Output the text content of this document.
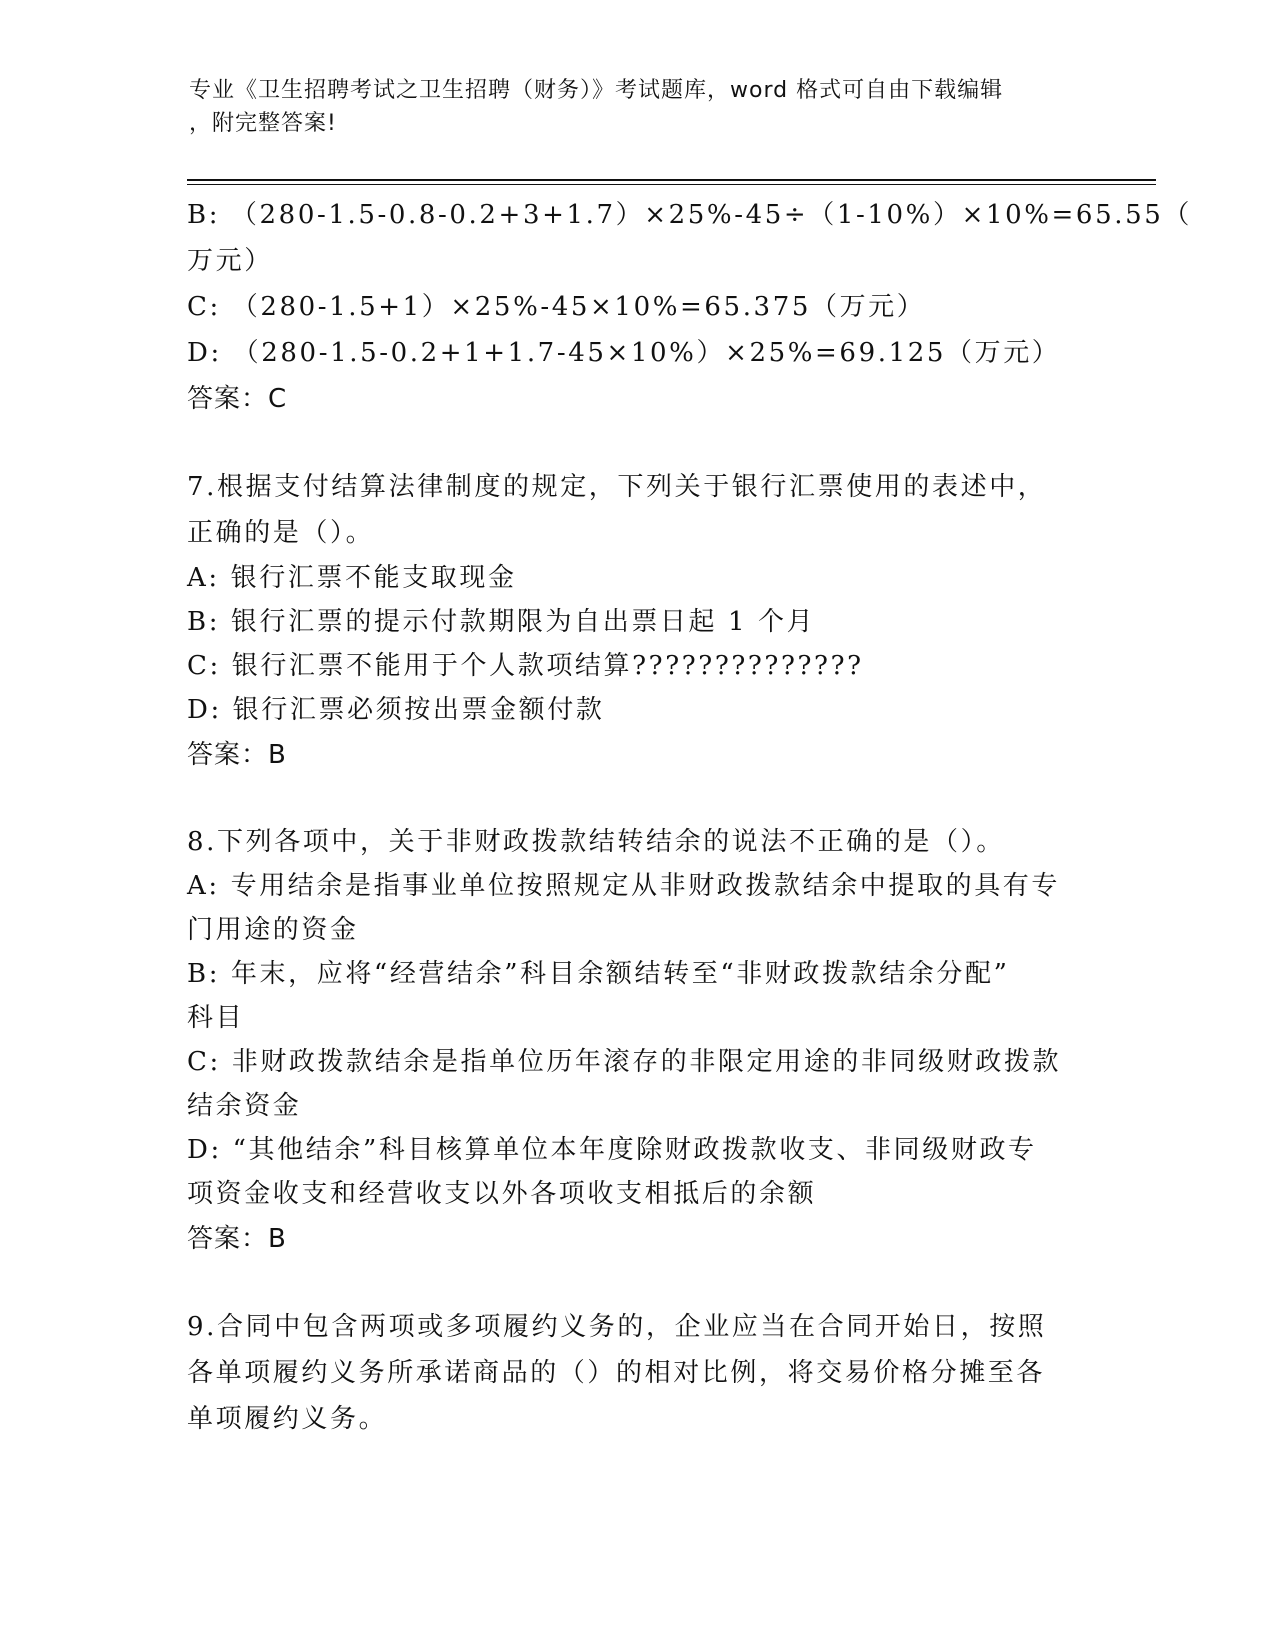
专业《卫生招聘考试之卫生招聘（财务）》考试题库，word 格式可自由下载编辑
，附完整答案!
B: （280-1.5-0.8-0.2+3+1.7）×25%-45÷（1-10%）×10%=65.55（
万元）
C: （280-1.5+1）×25%-45×10%=65.375（万元）
D: （280-1.5-0.2+1+1.7-45×10%）×25%=69.125（万元）
答案：C
7.根据支付结算法律制度的规定，下列关于银行汇票使用的表述中，
正确的是（）。
A: 银行汇票不能支取现金
B: 银行汇票的提示付款期限为自出票日起 1 个月
C: 银行汇票不能用于个人款项结算??????????????
D: 银行汇票必须按出票金额付款
答案：B
8.下列各项中，关于非财政拨款结转结余的说法不正确的是（）。
A: 专用结余是指事业单位按照规定从非财政拨款结余中提取的具有专
门用途的资金
B: 年末，应将“经营结余”科目余额结转至“非财政拨款结余分配”
科目
C: 非财政拨款结余是指单位历年滚存的非限定用途的非同级财政拨款
结余资金
D: “其他结余”科目核算单位本年度除财政拨款收支、非同级财政专
项资金收支和经营收支以外各项收支相抵后的余额
答案：B
9.合同中包含两项或多项履约义务的，企业应当在合同开始日，按照
各单项履约义务所承诺商品的（）的相对比例，将交易价格分摊至各
单项履约义务。
